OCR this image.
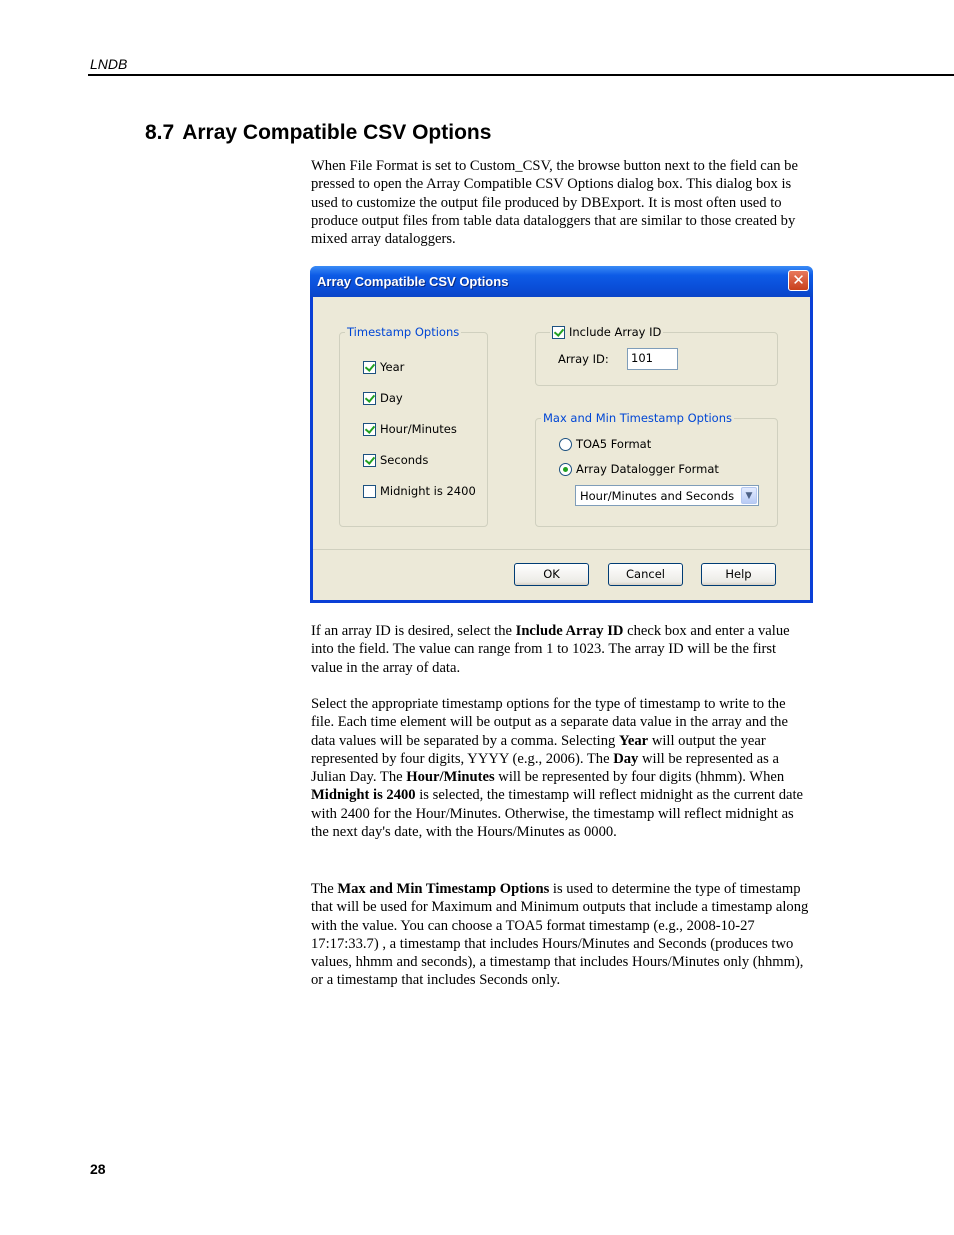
LNDB
8.7 Array Compatible CSV Options

When File Format is set to Custom_CSV, the browse button next to the field can be pressed to open the Array Compatible CSV Options dialog box. This dialog box is used to customize the output file produced by DBExport. It is most often used to produce output files from table data dataloggers that are similar to those created by mixed array dataloggers.

Array Compatible CSV Options	✕
Timestamp Options
Year
Day
Hour/Minutes
Seconds
Midnight is 2400
Include Array ID
Array ID:	101
Max and Min Timestamp Options
TOA5 Format
Array Datalogger Format
Hour/Minutes and Seconds	▼
OK	Cancel	Help

If an array ID is desired, select the Include Array ID check box and enter a value into the field. The value can range from 1 to 1023. The array ID will be the first value in the array of data.

Select the appropriate timestamp options for the type of timestamp to write to the file. Each time element will be output as a separate data value in the array and the data values will be separated by a comma. Selecting Year will output the year represented by four digits, YYYY (e.g., 2006). The Day will be represented as a Julian Day. The Hour/Minutes will be represented by four digits (hhmm). When Midnight is 2400 is selected, the timestamp will reflect midnight as the current date with 2400 for the Hour/Minutes. Otherwise, the timestamp will reflect midnight as the next day's date, with the Hours/Minutes as 0000.

The Max and Min Timestamp Options is used to determine the type of timestamp that will be used for Maximum and Minimum outputs that include a timestamp along with the value. You can choose a TOA5 format timestamp (e.g., 2008-10-27 17:17:33.7) , a timestamp that includes Hours/Minutes and Seconds (produces two values, hhmm and seconds), a timestamp that includes Hours/Minutes only (hhmm), or a timestamp that includes Seconds only.

28
